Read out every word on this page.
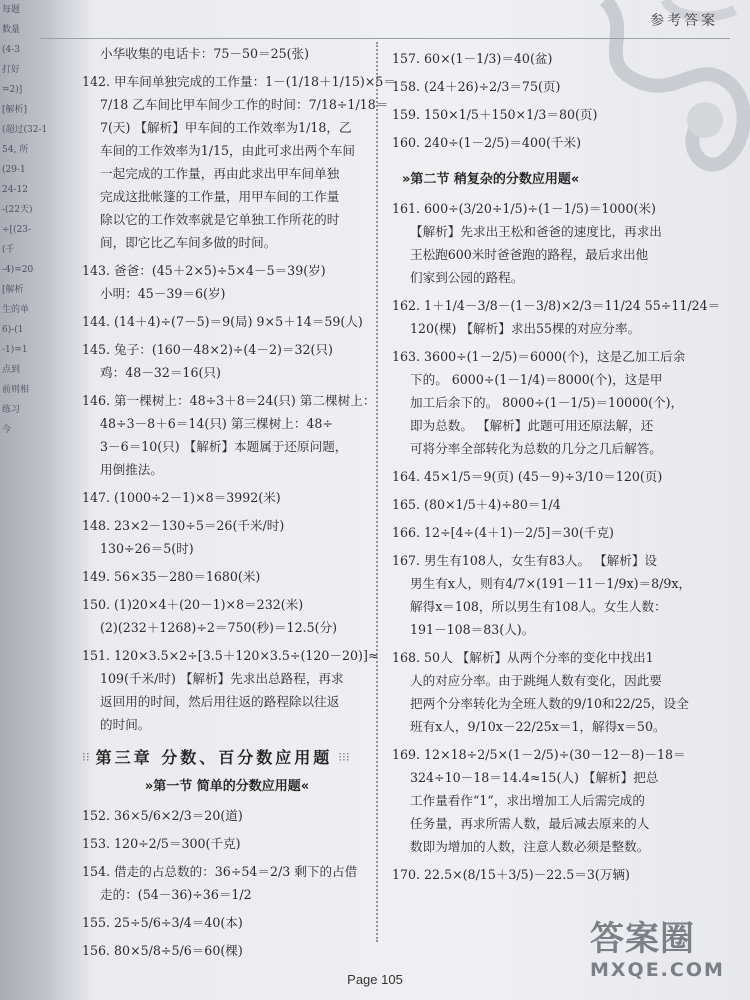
每题
数量
(4-3
打好
=2)]
[解析]
(超过(32-1
54, 所
(29-1
24-12
-(22天)
÷[(23-
(千
-4)=20
[解析
生的单
6)-(1
-1)=1
点到
前则相
练习
今
参考答案
小华收集的电话卡：75－50＝25(张)
142. 甲车间单独完成的工作量：1－(1/18＋1/15)×5＝
7/18 乙车间比甲车间少工作的时间：7/18÷1/18＝
7(天) 【解析】甲车间的工作效率为1/18，乙
车间的工作效率为1/15，由此可求出两个车间
一起完成的工作量，再由此求出甲车间单独
完成这批帐篷的工作量，用甲车间的工作量
除以它的工作效率就是它单独工作所花的时
间，即它比乙车间多做的时间。
143. 爸爸：(45＋2×5)÷5×4－5＝39(岁)
小明：45－39＝6(岁)
144. (14＋4)÷(7－5)＝9(局) 9×5＋14＝59(人)
145. 兔子：(160－48×2)÷(4－2)＝32(只)
鸡：48－32＝16(只)
146. 第一棵树上：48÷3＋8＝24(只) 第二棵树上：
48÷3－8＋6＝14(只) 第三棵树上：48÷
3－6＝10(只) 【解析】本题属于还原问题，
用倒推法。
147. (1000÷2－1)×8＝3992(米)
148. 23×2－130÷5＝26(千米/时)
130÷26＝5(时)
149. 56×35－280＝1680(米)
150. (1)20×4＋(20－1)×8＝232(米)
(2)(232＋1268)÷2＝750(秒)＝12.5(分)
151. 120×3.5×2÷[3.5＋120×3.5÷(120－20)]≈
109(千米/时) 【解析】先求出总路程，再求
返回用的时间，然后用往返的路程除以往返
的时间。
⁝⁝ 第三章 分数、百分数应用题 ⁝⁝⁝
»第一节 简单的分数应用题«
152. 36×5/6×2/3＝20(道)
153. 120÷2/5＝300(千克)
154. 借走的占总数的：36÷54＝2/3 剩下的占借
走的：(54－36)÷36＝1/2
155. 25÷5/6÷3/4＝40(本)
156. 80×5/8÷5/6＝60(棵)
157. 60×(1－1/3)＝40(盆)
158. (24＋26)÷2/3＝75(页)
159. 150×1/5＋150×1/3＝80(页)
160. 240÷(1－2/5)＝400(千米)
»第二节 稍复杂的分数应用题«
161. 600÷(3/20÷1/5)÷(1－1/5)＝1000(米)
【解析】先求出王松和爸爸的速度比，再求出
王松跑600米时爸爸跑的路程，最后求出他
们家到公园的路程。
162. 1＋1/4－3/8－(1－3/8)×2/3＝11/24 55÷11/24＝
120(棵) 【解析】求出55棵的对应分率。
163. 3600÷(1－2/5)＝6000(个)，这是乙加工后余
下的。 6000÷(1－1/4)＝8000(个)，这是甲
加工后余下的。 8000÷(1－1/5)＝10000(个)，
即为总数。 【解析】此题可用还原法解，还
可将分率全部转化为总数的几分之几后解答。
164. 45×1/5＝9(页) (45－9)÷3/10＝120(页)
165. (80×1/5＋4)÷80＝1/4
166. 12÷[4÷(4＋1)－2/5]＝30(千克)
167. 男生有108人，女生有83人。 【解析】设
男生有x人，则有4/7×(191－11－1/9x)＝8/9x，
解得x＝108，所以男生有108人。女生人数：
191－108＝83(人)。
168. 50人 【解析】从两个分率的变化中找出1
人的对应分率。由于跳绳人数有变化，因此要
把两个分率转化为全班人数的9/10和22/25，设全
班有x人，9/10x－22/25x＝1，解得x＝50。
169. 12×18÷2/5×(1－2/5)÷(30－12－8)－18＝
324÷10－18＝14.4≈15(人) 【解析】把总
工作量看作“1”，求出增加工人后需完成的
任务量，再求所需人数，最后减去原来的人
数即为增加的人数，注意人数必须是整数。
170. 22.5×(8/15＋3/5)－22.5＝3(万辆)
Page 105
答案圈
MXQE.COM
